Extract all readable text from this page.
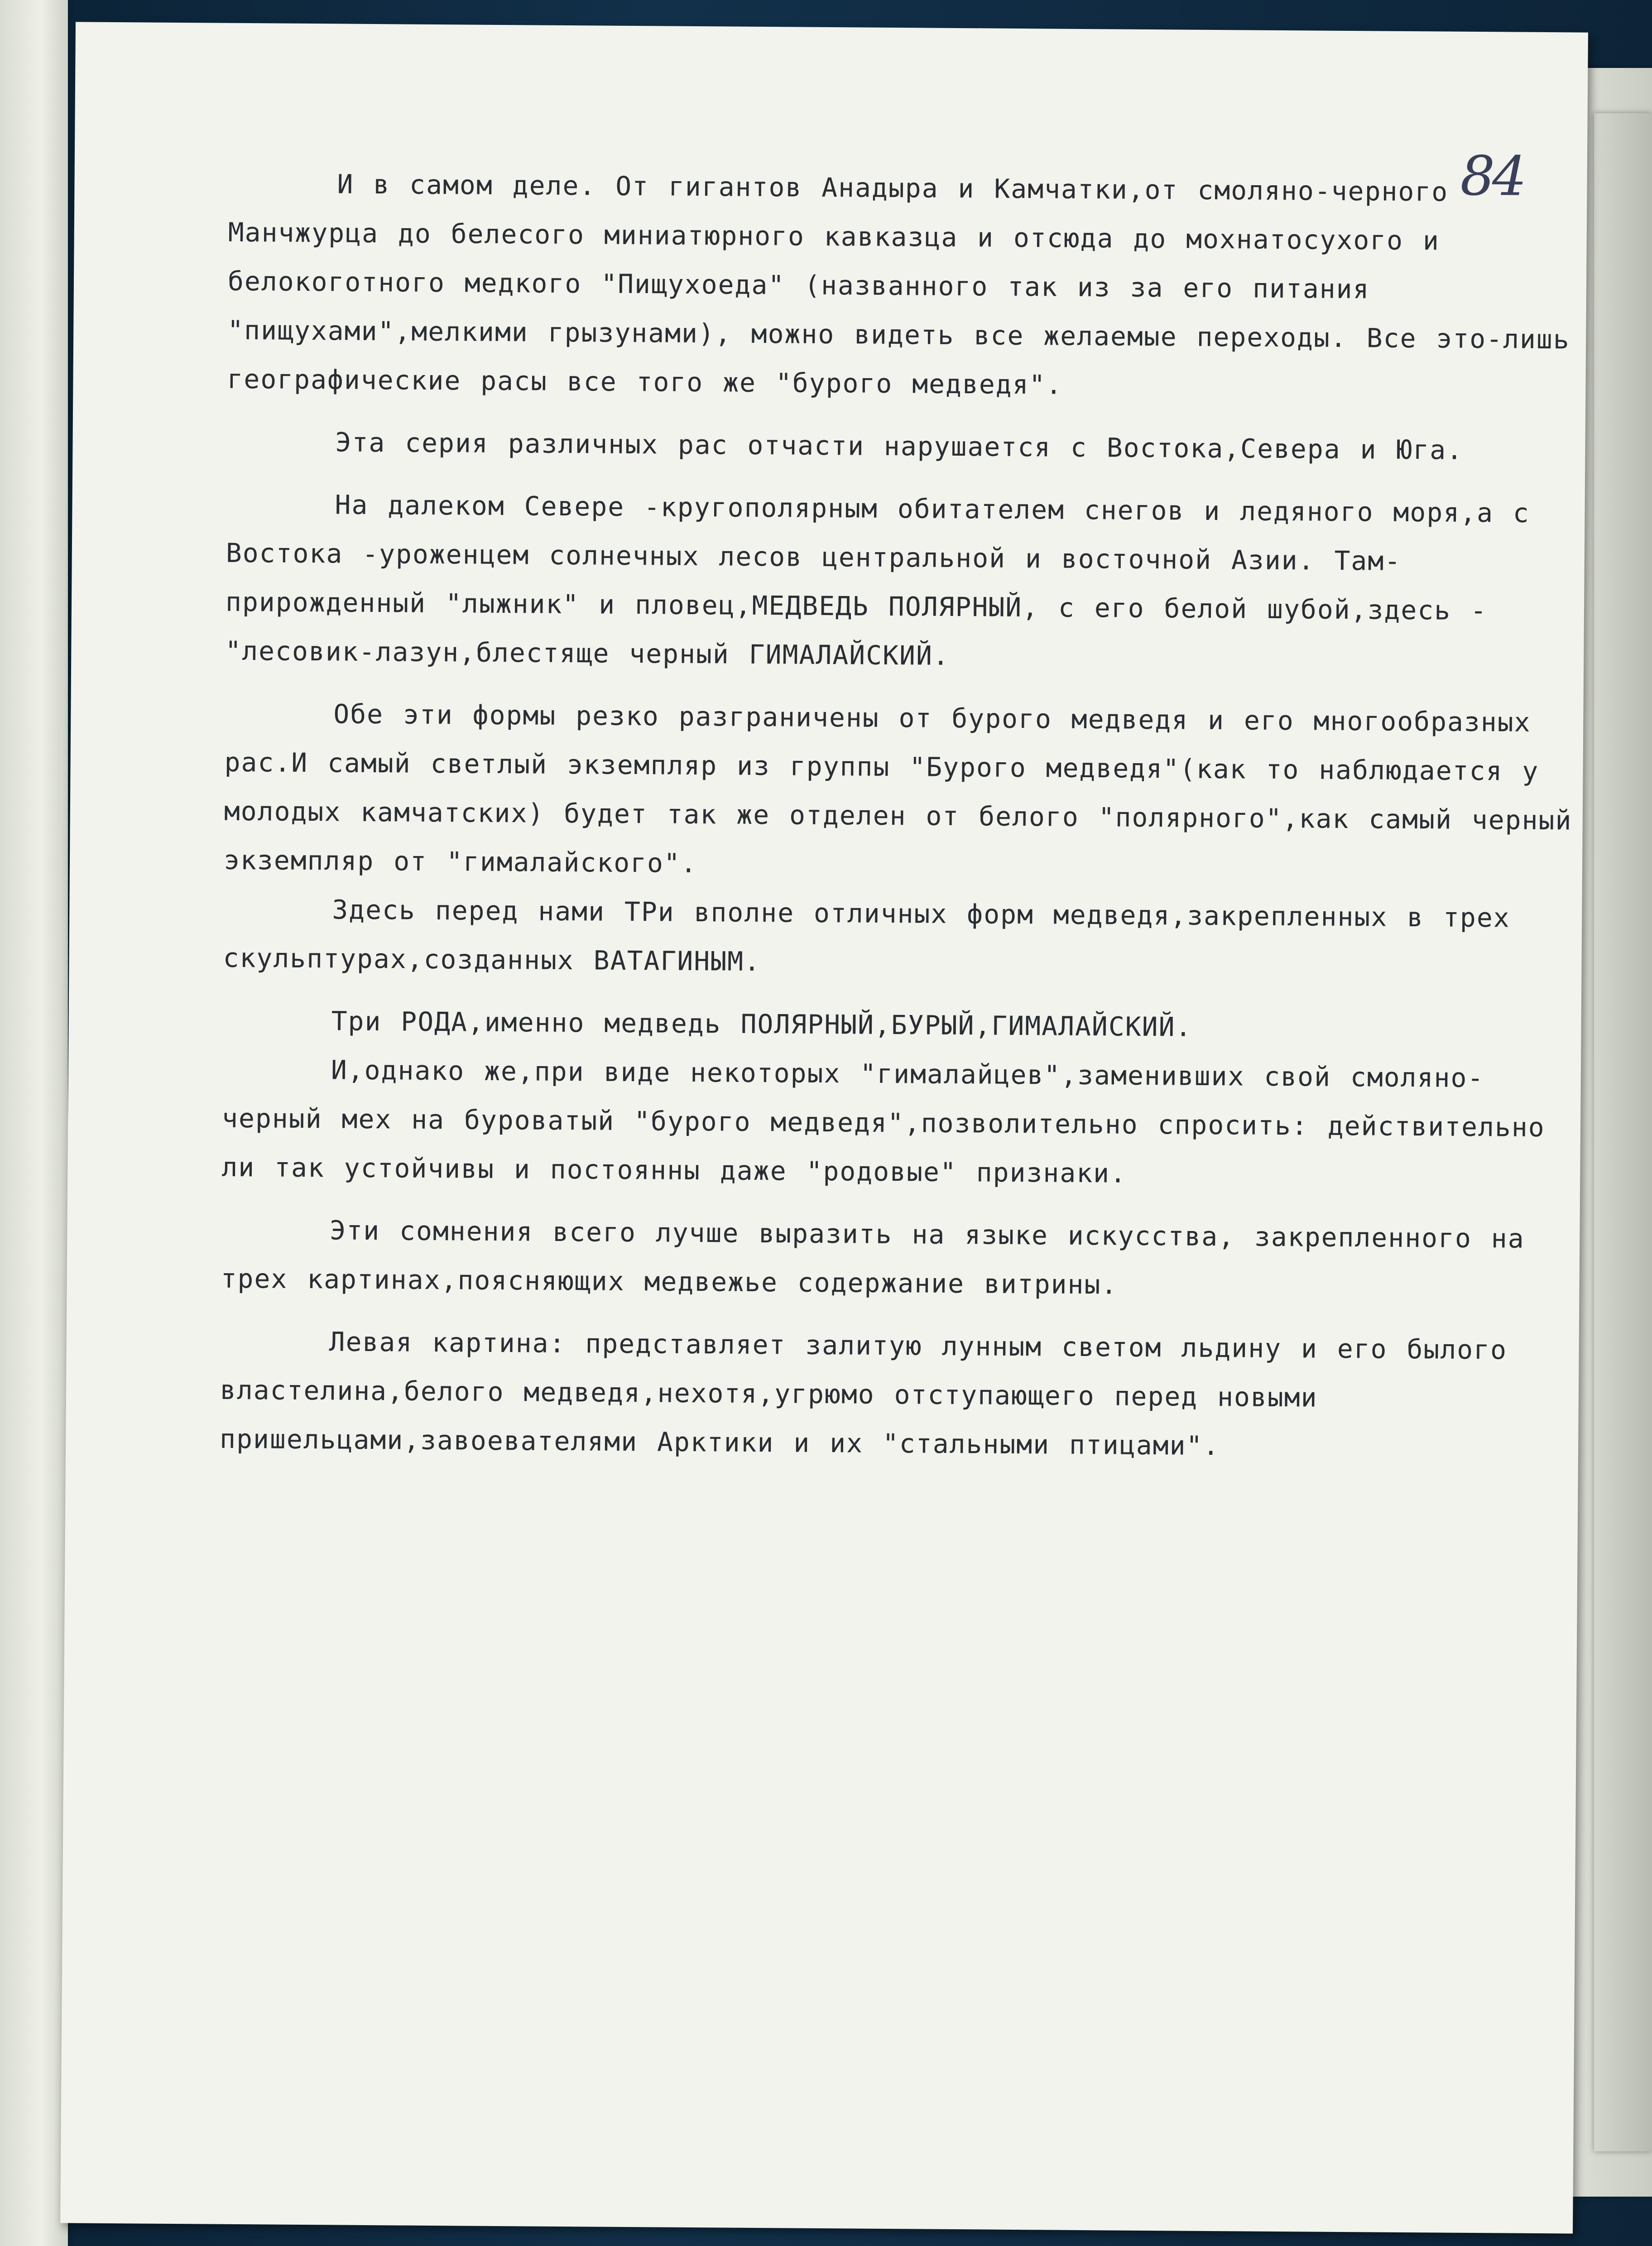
84

И в самом деле. От гигантов Анадыра и Камчатки,от смоляно-черного Манчжурца до белесого миниатюрного кавказца и отсюда до мохнатосухого и белокоготного медкого "Пищухоеда" (названного так из за его питания "пищухами",мелкими грызунами), можно видеть все желаемые переходы. Все это-лишь географические расы все того же "бурого медведя".

Эта серия различных рас отчасти нарушается с Востока,Севера и Юга.

На далеком Севере -кругополярным обитателем снегов и ледяного моря,а с Востока -уроженцем солнечных лесов центральной и восточной Азии. Там- прирожденный "лыжник" и пловец,МЕДВЕДЬ ПОЛЯРНЫЙ, с его белой шубой,здесь -"лесовик-лазун,блестяще черный ГИМАЛАЙСКИЙ.

Обе эти формы резко разграничены от бурого медведя и его многообразных рас.И самый светлый экземпляр из группы "Бурого медведя"(как то наблюдается у молодых камчатских) будет так же отделен от белого "полярного",как самый черный экземпляр от "гималайского".

Здесь перед нами ТРи вполне отличных форм медведя,закрепленных в трех скульптурах,созданных ВАТАГИНЫМ.

Три РОДА,именно медведь ПОЛЯРНЫЙ,БУРЫЙ,ГИМАЛАЙСКИЙ.

И,однако же,при виде некоторых "гималайцев",заменивших свой смоляно-черный мех на буроватый "бурого медведя",позволительно спросить: действительно ли так устойчивы и постоянны даже "родовые" признаки.

Эти сомнения всего лучше выразить на языке искусства, закрепленного на трех картинах,поясняющих медвежье содержание витрины.

Левая картина: представляет залитую лунным светом льдину и его былого властелина,белого медведя,нехотя,угрюмо отступающего перед новыми пришельцами,завоевателями Арктики и их "стальными птицами".
